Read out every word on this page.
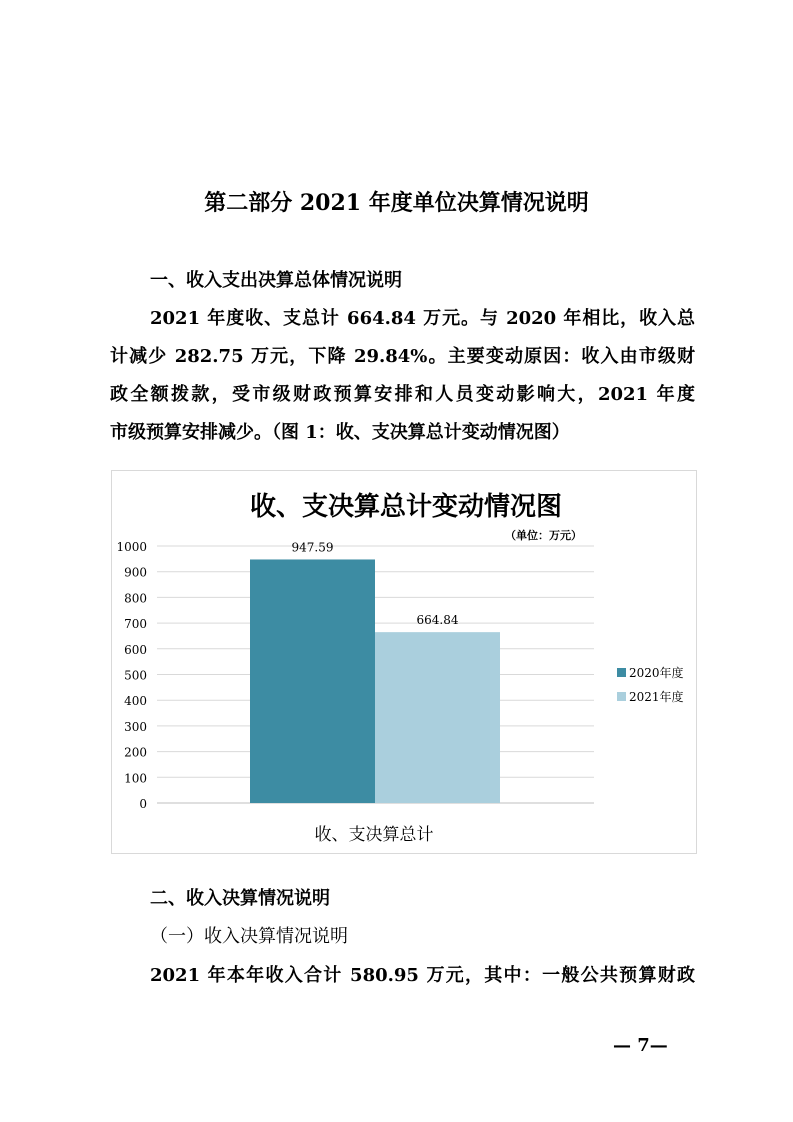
第二部分 2021 年度单位决算情况说明

一、收入支出决算总体情况说明

2021 年度收、支总计 664.84 万元。与 2020 年相比，收入总

计减少 282.75 万元，下降 29.84%。主要变动原因：收入由市级财

政全额拨款，受市级财政预算安排和人员变动影响大，2021 年度

市级预算安排减少。（图 1：收、支决算总计变动情况图）

收、支决算总计变动情况图
（单位：万元）
0
100
200
300
400
500
600
700
800
900
1000	947.59
664.84
收、支决算总计
2020年度
2021年度

二、收入决算情况说明

（一）收入决算情况说明

2021 年本年收入合计 580.95 万元，其中：一般公共预算财政

— 7—
